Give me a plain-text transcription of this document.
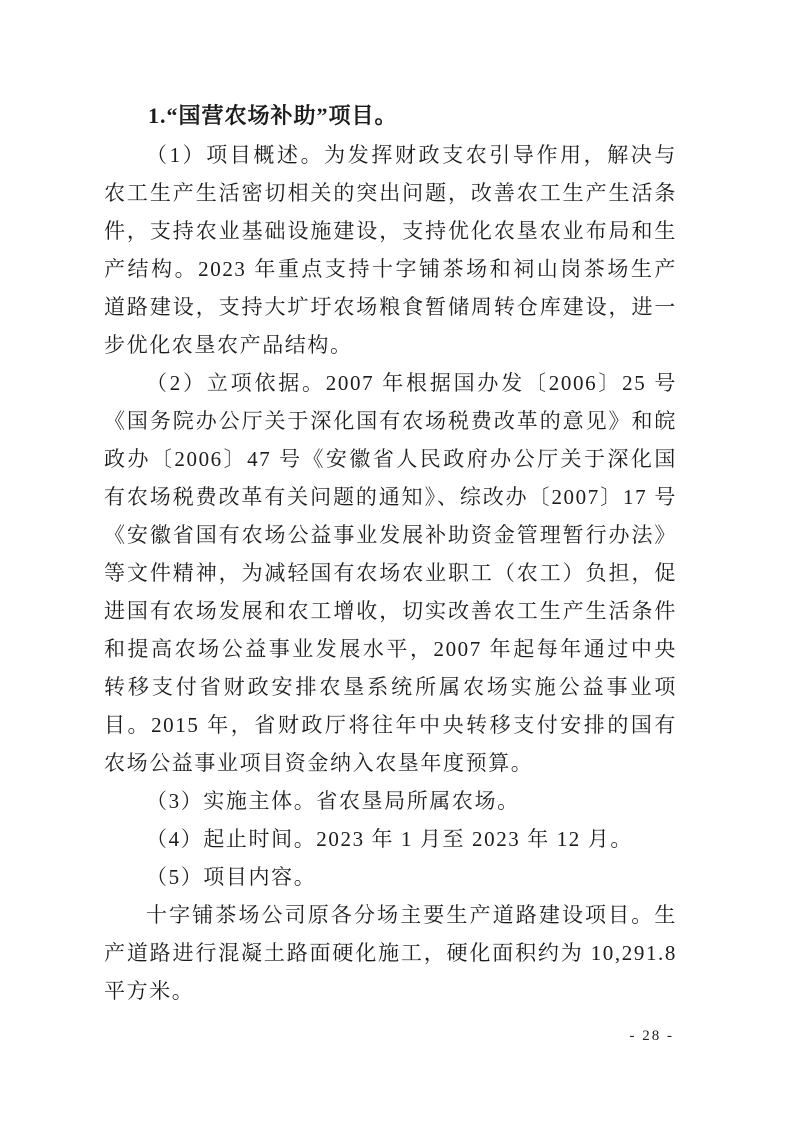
1.“国营农场补助”项目。

（1）项目概述。为发挥财政支农引导作用，解决与农工生产生活密切相关的突出问题，改善农工生产生活条件，支持农业基础设施建设，支持优化农垦农业布局和生产结构。2023 年重点支持十字铺茶场和祠山岗茶场生产道路建设，支持大圹圩农场粮食暂储周转仓库建设，进一步优化农垦农产品结构。

（2）立项依据。2007 年根据国办发〔2006〕25 号《国务院办公厅关于深化国有农场税费改革的意见》和皖政办〔2006〕47 号《安徽省人民政府办公厅关于深化国有农场税费改革有关问题的通知》、综改办〔2007〕17 号《安徽省国有农场公益事业发展补助资金管理暂行办法》等文件精神，为减轻国有农场农业职工（农工）负担，促进国有农场发展和农工增收，切实改善农工生产生活条件和提高农场公益事业发展水平，2007 年起每年通过中央转移支付省财政安排农垦系统所属农场实施公益事业项目。2015 年，省财政厅将往年中央转移支付安排的国有农场公益事业项目资金纳入农垦年度预算。

（3）实施主体。省农垦局所属农场。

（4）起止时间。2023 年 1 月至 2023 年 12 月。

（5）项目内容。

十字铺茶场公司原各分场主要生产道路建设项目。生产道路进行混凝土路面硬化施工，硬化面积约为 10,291.8 平方米。

- 28 -
